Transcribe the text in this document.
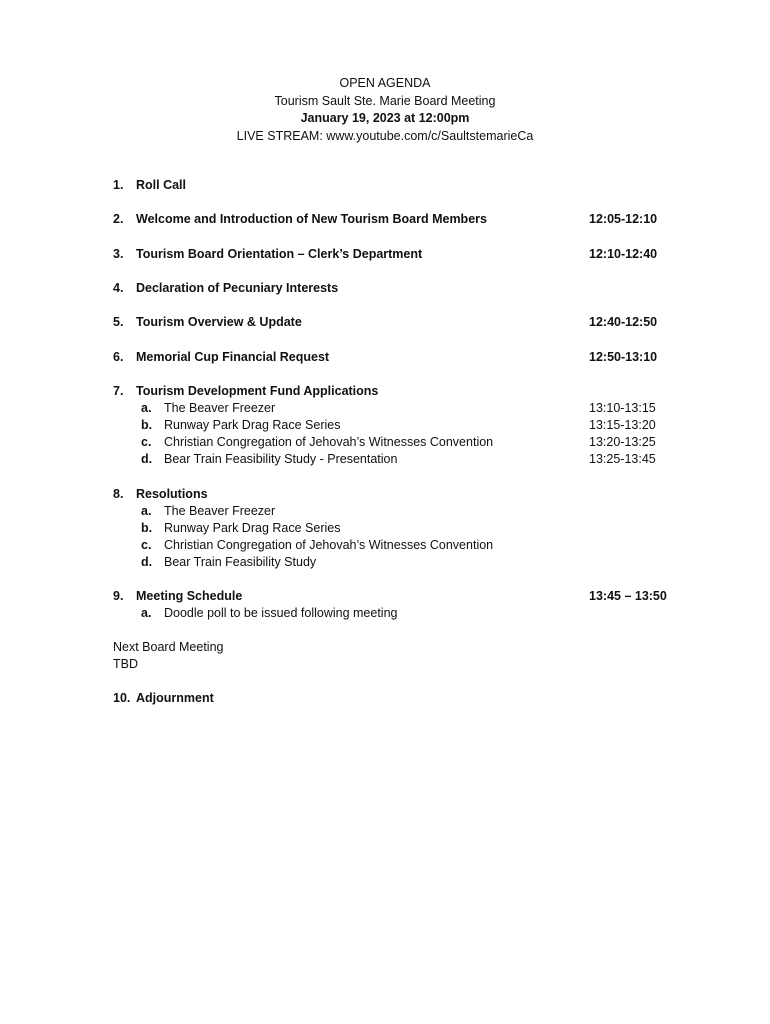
OPEN AGENDA
Tourism Sault Ste. Marie Board Meeting
January 19, 2023 at 12:00pm
LIVE STREAM: www.youtube.com/c/SaultstemarieCa
1. Roll Call
2. Welcome and Introduction of New Tourism Board Members	12:05-12:10
3. Tourism Board Orientation – Clerk’s Department	12:10-12:40
4. Declaration of Pecuniary Interests
5. Tourism Overview & Update	12:40-12:50
6. Memorial Cup Financial Request	12:50-13:10
7. Tourism Development Fund Applications
a. The Beaver Freezer	13:10-13:15
b. Runway Park Drag Race Series	13:15-13:20
c. Christian Congregation of Jehovah’s Witnesses Convention	13:20-13:25
d. Bear Train Feasibility Study - Presentation	13:25-13:45
8. Resolutions
a. The Beaver Freezer
b. Runway Park Drag Race Series
c. Christian Congregation of Jehovah’s Witnesses Convention
d. Bear Train Feasibility Study
9. Meeting Schedule	13:45 – 13:50
a. Doodle poll to be issued following meeting
Next Board Meeting
TBD
10. Adjournment
